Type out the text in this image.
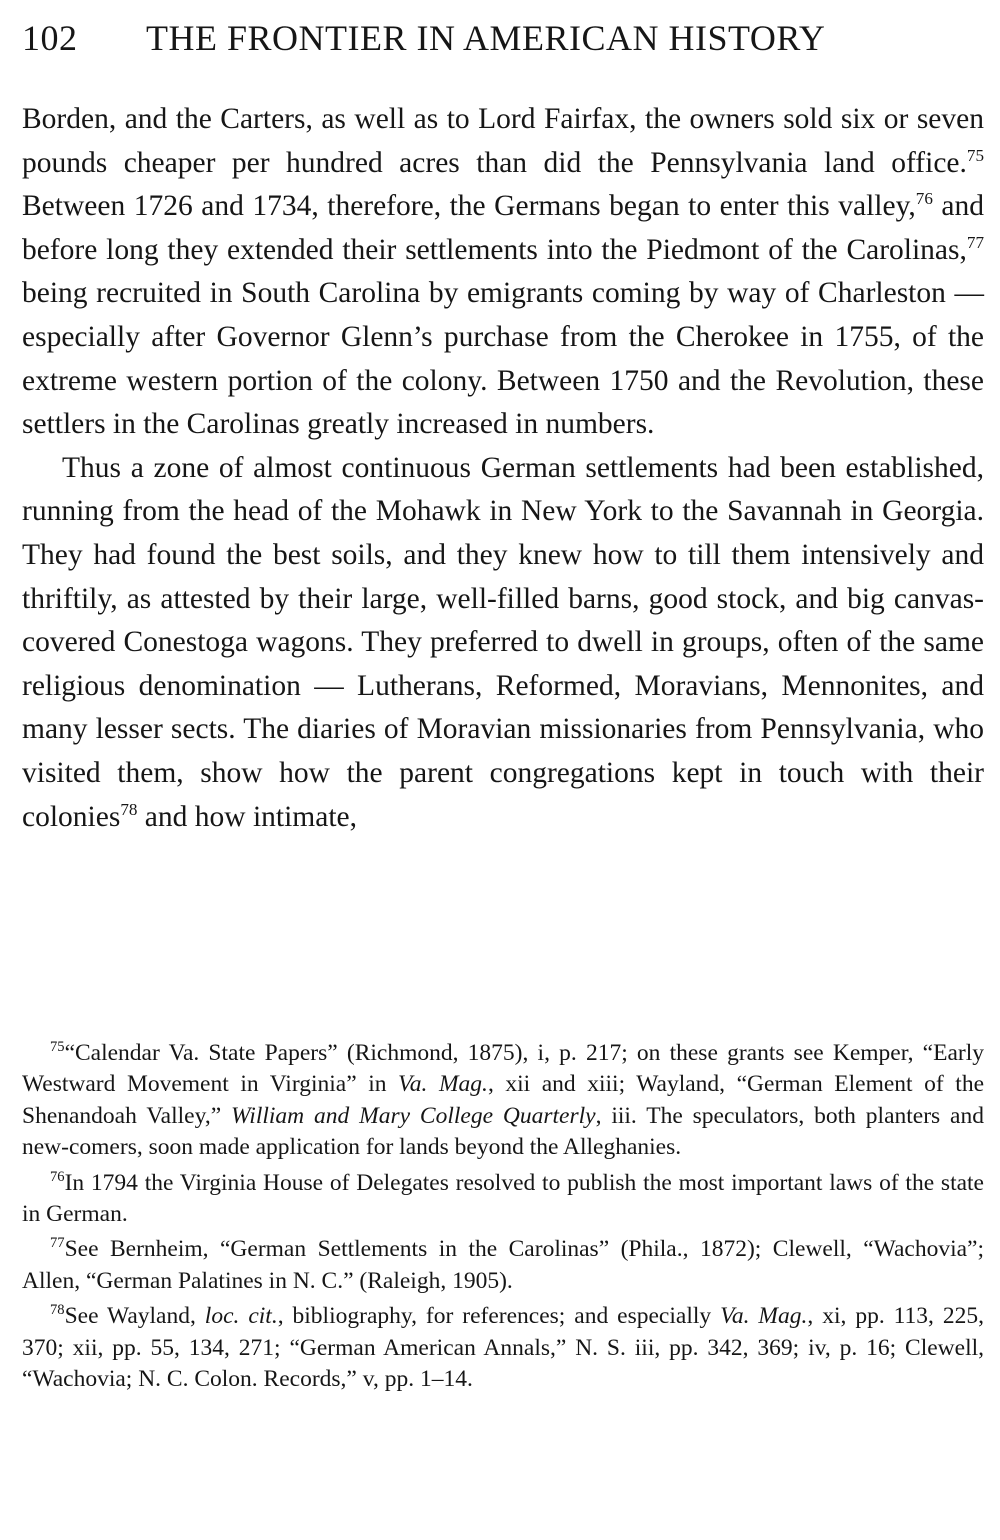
102 THE FRONTIER IN AMERICAN HISTORY

Borden, and the Carters, as well as to Lord Fairfax, the owners sold six or seven pounds cheaper per hundred acres than did the Pennsylvania land office.$^{75}$ Between 1726 and 1734, therefore, the Germans began to enter this valley,$^{76}$ and before long they extended their settlements into the Piedmont of the Carolinas,$^{77}$ being recruited in South Carolina by emigrants coming by way of Charleston — especially after Governor Glenn’s purchase from the Cherokee in 1755, of the extreme western portion of the colony. Between 1750 and the Revolution, these settlers in the Carolinas greatly increased in numbers.

Thus a zone of almost continuous German settlements had been established, running from the head of the Mohawk in New York to the Savannah in Georgia. They had found the best soils, and they knew how to till them intensively and thriftily, as attested by their large, well-filled barns, good stock, and big canvas-covered Conestoga wagons. They preferred to dwell in groups, often of the same religious denomination — Lutherans, Reformed, Moravians, Mennonites, and many lesser sects. The diaries of Moravian missionaries from Pennsylvania, who visited them, show how the parent congregations kept in touch with their colonies$^{78}$ and how intimate,

$^{75}$“Calendar Va. State Papers” (Richmond, 1875), i, p. 217; on these grants see Kemper, “Early Westward Movement in Virginia” in Va. Mag., xii and xiii; Wayland, “German Element of the Shenandoah Valley,” William and Mary College Quarterly, iii. The speculators, both planters and new-comers, soon made application for lands beyond the Alleghanies.

$^{76}$In 1794 the Virginia House of Delegates resolved to publish the most important laws of the state in German.

$^{77}$See Bernheim, “German Settlements in the Carolinas” (Phila., 1872); Clewell, “Wachovia”; Allen, “German Palatines in N. C.” (Raleigh, 1905).

$^{78}$See Wayland, loc. cit., bibliography, for references; and especially Va. Mag., xi, pp. 113, 225, 370; xii, pp. 55, 134, 271; “German American Annals,” N. S. iii, pp. 342, 369; iv, p. 16; Clewell, “Wachovia; N. C. Colon. Records,” v, pp. 1–14.
